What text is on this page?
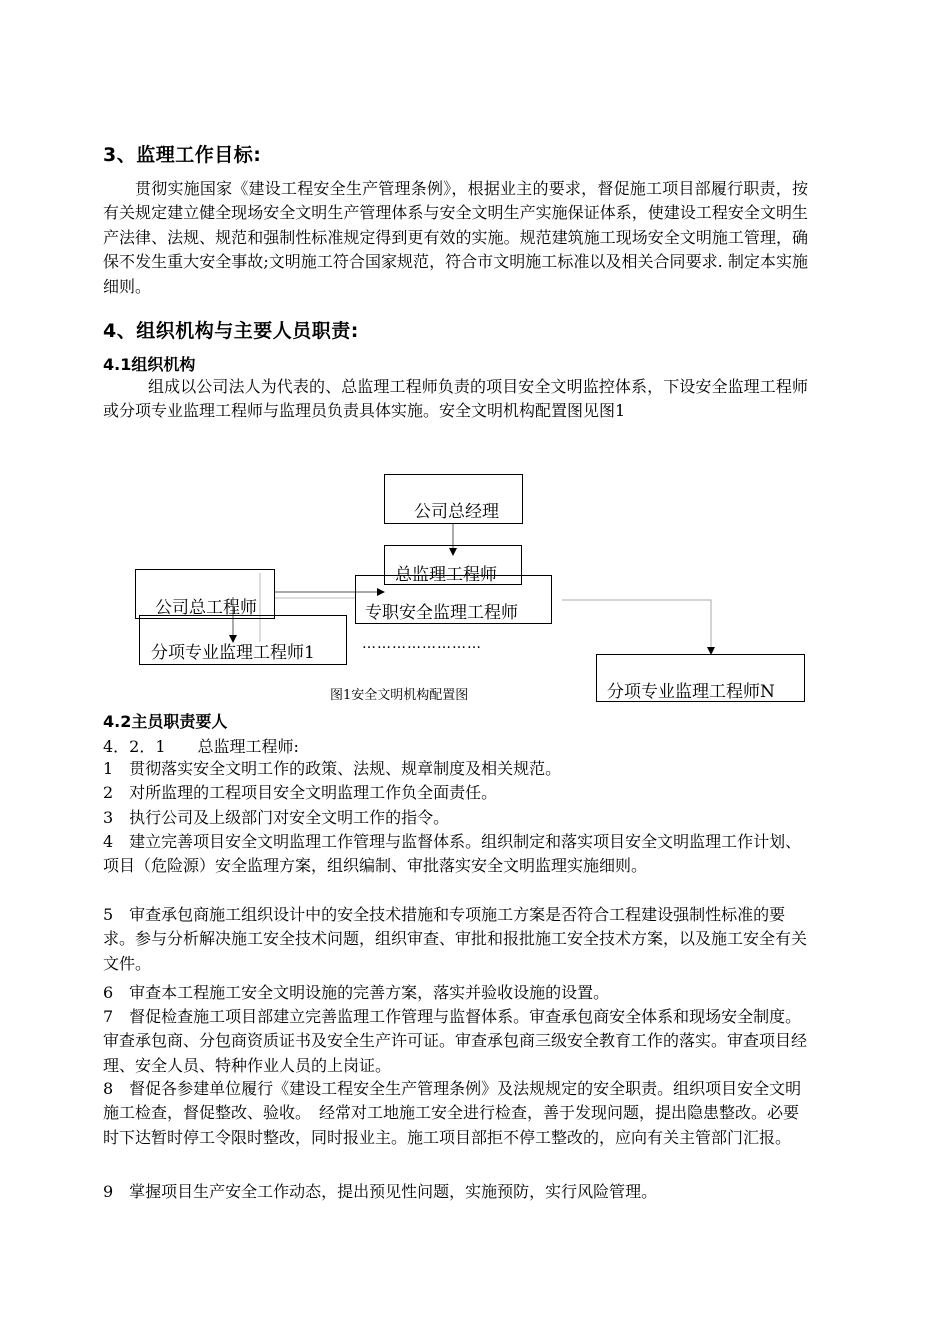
3、监理工作目标:
贯彻实施国家《建设工程安全生产管理条例》，根据业主的要求，督促施工项目部履行职责，按有关规定建立健全现场安全文明生产管理体系与安全文明生产实施保证体系，使建设工程安全文明生产法律、法规、规范和强制性标准规定得到更有效的实施。规范建筑施工现场安全文明施工管理，确保不发生重大安全事故;文明施工符合国家规范，符合市文明施工标准以及相关合同要求. 制定本实施细则。
4、组织机构与主要人员职责:
4.1组织机构
组成以公司法人为代表的、总监理工程师负责的项目安全文明监控体系，下设安全监理工程师或分项专业监理工程师与监理员负责具体实施。安全文明机构配置图见图1
公司总经理
总监理工程师
公司总工程师	专职安全监理工程师
分项专业监理工程师1	……………………
分项专业监理工程师N
图1安全文明机构配置图
4.2主员职责要人
4．2．1　　总监理工程师:
1　贯彻落实安全文明工作的政策、法规、规章制度及相关规范。
2　对所监理的工程项目安全文明监理工作负全面责任。
3　执行公司及上级部门对安全文明工作的指令。
4　建立完善项目安全文明监理工作管理与监督体系。组织制定和落实项目安全文明监理工作计划、项目（危险源）安全监理方案，组织编制、审批落实安全文明监理实施细则。
5　审查承包商施工组织设计中的安全技术措施和专项施工方案是否符合工程建设强制性标准的要求。参与分析解决施工安全技术问题，组织审查、审批和报批施工安全技术方案，以及施工安全有关文件。
6　审查本工程施工安全文明设施的完善方案，落实并验收设施的设置。
7　督促检查施工项目部建立完善监理工作管理与监督体系。审查承包商安全体系和现场安全制度。审查承包商、分包商资质证书及安全生产许可证。审查承包商三级安全教育工作的落实。审查项目经理、安全人员、特种作业人员的上岗证。
8　督促各参建单位履行《建设工程安全生产管理条例》及法规规定的安全职责。组织项目安全文明施工检查，督促整改、验收。　经常对工地施工安全进行检查，善于发现问题，提出隐患整改。必要时下达暂时停工令限时整改，同时报业主。施工项目部拒不停工整改的，应向有关主管部门汇报。
9　掌握项目生产安全工作动态，提出预见性问题，实施预防，实行风险管理。
